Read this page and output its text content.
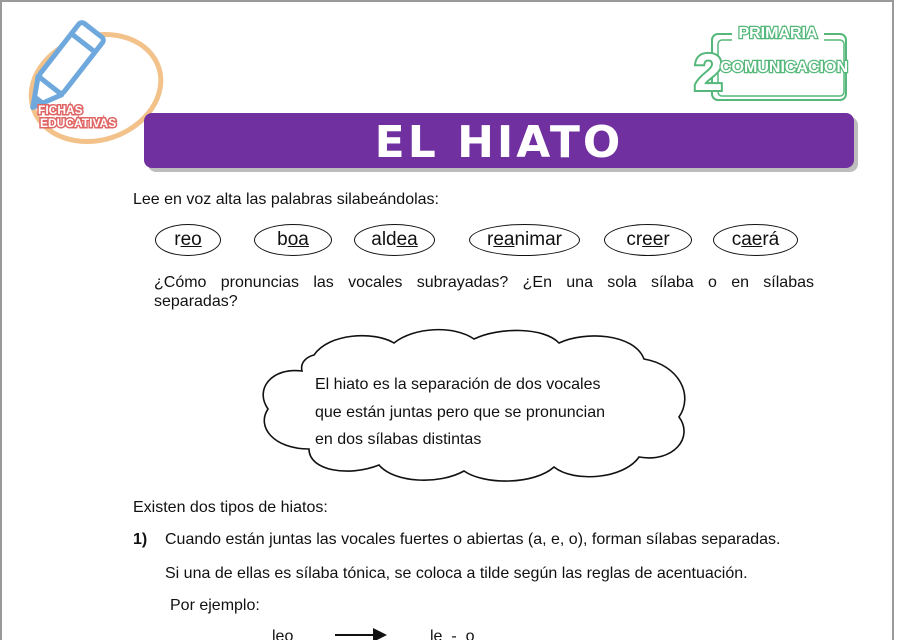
FICHAS
EDUCATIVAS
PRIMARIA
2
COMUNICACION
EL HIATO
Lee en voz alta las palabras silabeándolas:
reo	boa	aldea	reanimar	creer	caerá
¿Cómo pronuncias las vocales subrayadas? ¿En una sola sílaba o en sílabas
separadas?
El hiato es la separación de dos vocales
que están juntas pero que se pronuncian
en dos sílabas distintas
Existen dos tipos de hiatos:
1) Cuando están juntas las vocales fuertes o abiertas (a, e, o), forman sílabas separadas.
Si una de ellas es sílaba tónica, se coloca a tilde según las reglas de acentuación.
Por ejemplo:
leo	le  -  o
